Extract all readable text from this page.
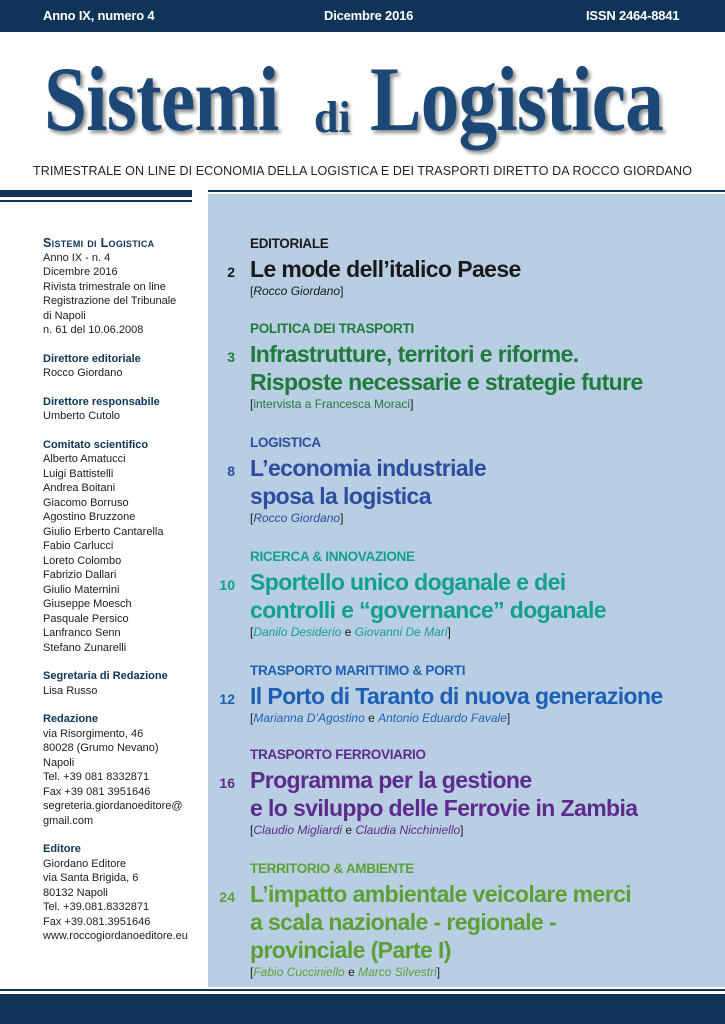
Anno IX, numero 4	Dicembre 2016	ISSN 2464-8841
Sistemi di Logistica
TRIMESTRALE ON LINE DI ECONOMIA DELLA LOGISTICA E DEI TRASPORTI DIRETTO DA ROCCO GIORDANO
Sistemi di Logistica
Anno IX - n. 4
Dicembre 2016
Rivista trimestrale on line
Registrazione del Tribunale
di Napoli
n. 61 del 10.06.2008
Direttore editoriale
Rocco Giordano
Direttore responsabile
Umberto Cutolo
Comitato scientifico
Alberto Amatucci
Luigi Battistelli
Andrea Boitani
Giacomo Borruso
Agostino Bruzzone
Giulio Erberto Cantarella
Fabio Carlucci
Loreto Colombo
Fabrizio Dallari
Giulio Maternini
Giuseppe Moesch
Pasquale Persico
Lanfranco Senn
Stefano Zunarelli
Segretaria di Redazione
Lisa Russo
Redazione
via Risorgimento, 46
80028 (Grumo Nevano)
Napoli
Tel. +39 081 8332871
Fax +39 081 3951646
segreteria.giordanoeditore@
gmail.com
Editore
Giordano Editore
via Santa Brigida, 6
80132 Napoli
Tel. +39.081.8332871
Fax +39.081.3951646
www.roccogiordanoeditore.eu
EDITORIALE
2 Le mode dell’italico Paese
[Rocco Giordano]
POLITICA DEI TRASPORTI
3 Infrastrutture, territori e riforme.
Risposte necessarie e strategie future
[intervista a Francesca Moraci]
LOGISTICA
8 L’economia industriale
sposa la logistica
[Rocco Giordano]
RICERCA & INNOVAZIONE
10 Sportello unico doganale e dei
controlli e “governance” doganale
[Danilo Desiderio e Giovanni De Mari]
TRASPORTO MARITTIMO & PORTI
12 Il Porto di Taranto di nuova generazione
[Marianna D’Agostino e Antonio Eduardo Favale]
TRASPORTO FERROVIARIO
16 Programma per la gestione
e lo sviluppo delle Ferrovie in Zambia
[Claudio Migliardi e Claudia Nicchiniello]
TERRITORIO & AMBIENTE
24 L’impatto ambientale veicolare merci
a scala nazionale - regionale -
provinciale (Parte I)
[Fabio Cucciniello e Marco Silvestri]
